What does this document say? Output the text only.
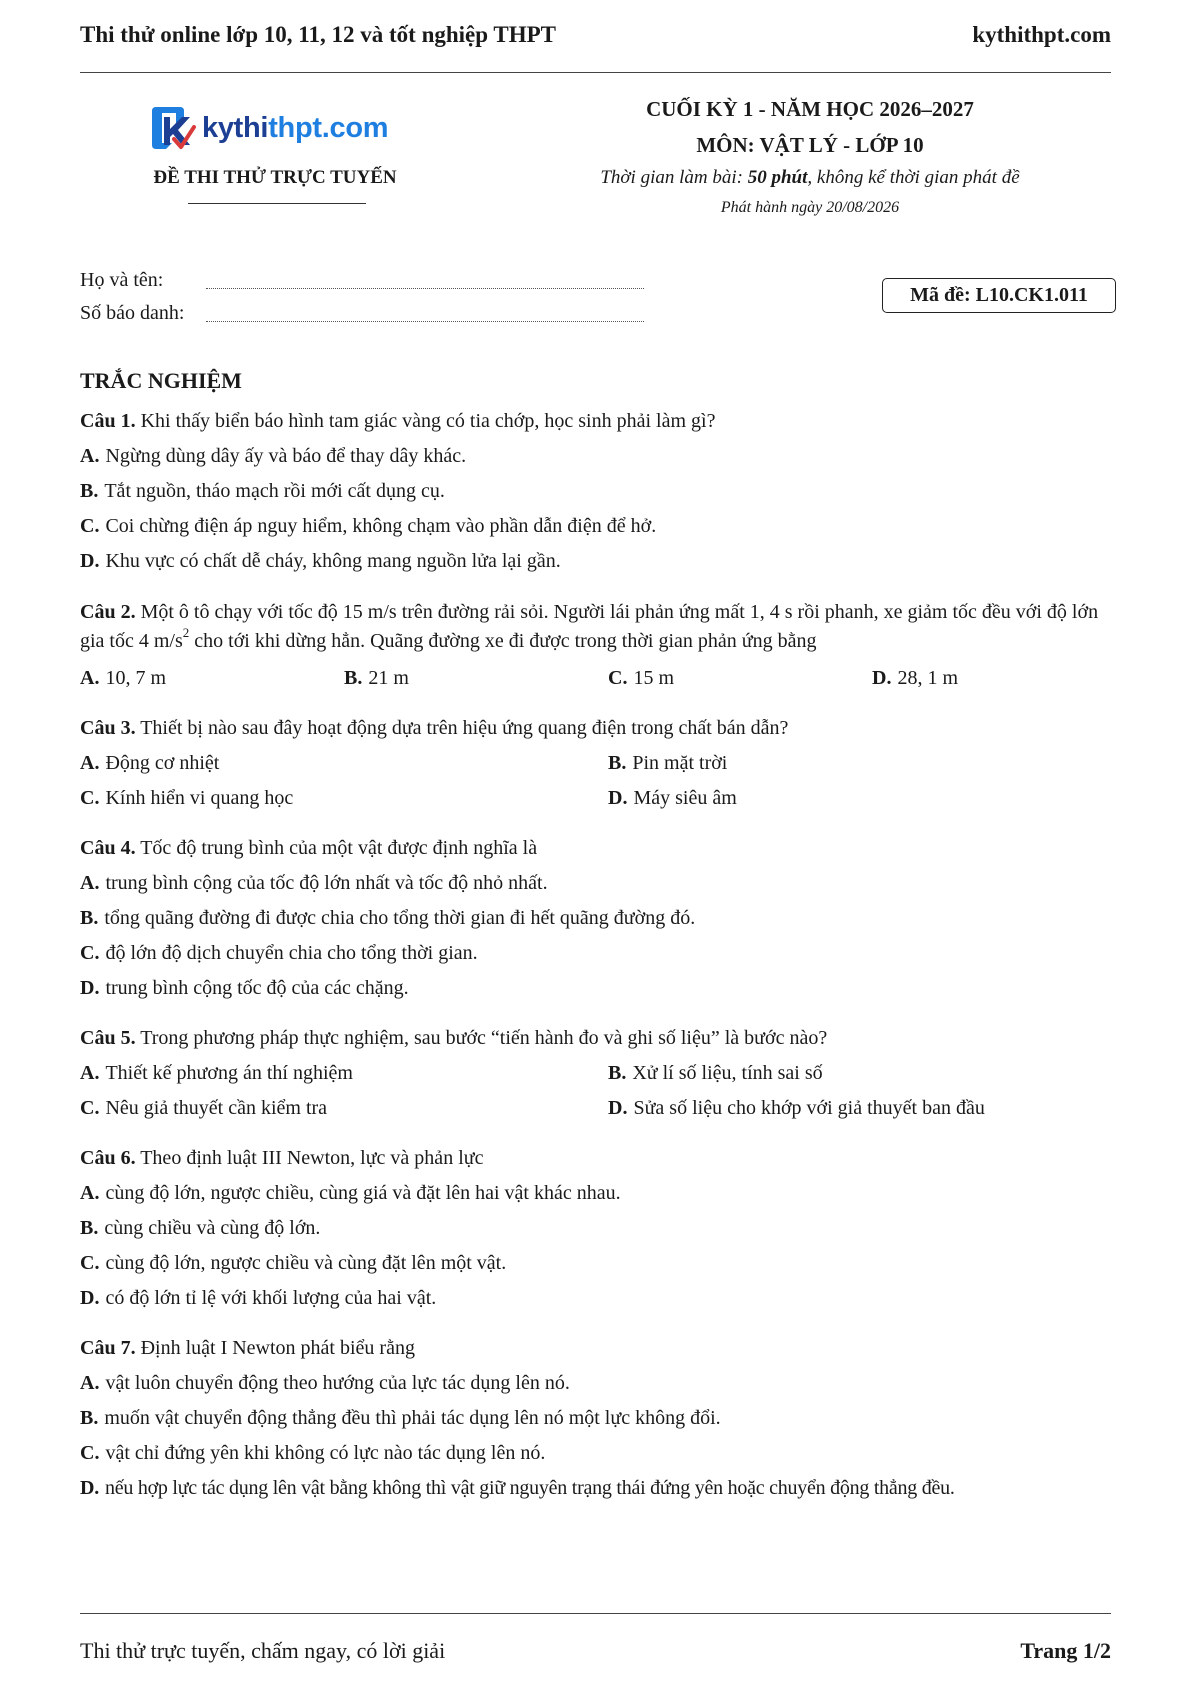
Thi thử online lớp 10, 11, 12 và tốt nghiệp THPT	kythithpt.com
kythithpt.com
ĐỀ THI THỬ TRỰC TUYẾN
CUỐI KỲ 1 - NĂM HỌC 2026–2027
MÔN: VẬT LÝ - LỚP 10
Thời gian làm bài: 50 phút, không kể thời gian phát đề
Phát hành ngày 20/08/2026
Họ và tên:
Số báo danh:
Mã đề: L10.CK1.011
TRẮC NGHIỆM
Câu 1. Khi thấy biển báo hình tam giác vàng có tia chớp, học sinh phải làm gì?
A. Ngừng dùng dây ấy và báo để thay dây khác.
B. Tắt nguồn, tháo mạch rồi mới cất dụng cụ.
C. Coi chừng điện áp nguy hiểm, không chạm vào phần dẫn điện để hở.
D. Khu vực có chất dễ cháy, không mang nguồn lửa lại gần.
Câu 2. Một ô tô chạy với tốc độ 15 m/s trên đường rải sỏi. Người lái phản ứng mất 1, 4 s rồi phanh, xe giảm tốc đều với độ lớn gia tốc 4 $m/s^2$ cho tới khi dừng hẳn. Quãng đường xe đi được trong thời gian phản ứng bằng
A. 10, 7 m	B. 21 m	C. 15 m	D. 28, 1 m
Câu 3. Thiết bị nào sau đây hoạt động dựa trên hiệu ứng quang điện trong chất bán dẫn?
A. Động cơ nhiệt	B. Pin mặt trời
C. Kính hiển vi quang học	D. Máy siêu âm
Câu 4. Tốc độ trung bình của một vật được định nghĩa là
A. trung bình cộng của tốc độ lớn nhất và tốc độ nhỏ nhất.
B. tổng quãng đường đi được chia cho tổng thời gian đi hết quãng đường đó.
C. độ lớn độ dịch chuyển chia cho tổng thời gian.
D. trung bình cộng tốc độ của các chặng.
Câu 5. Trong phương pháp thực nghiệm, sau bước “tiến hành đo và ghi số liệu” là bước nào?
A. Thiết kế phương án thí nghiệm	B. Xử lí số liệu, tính sai số
C. Nêu giả thuyết cần kiểm tra	D. Sửa số liệu cho khớp với giả thuyết ban đầu
Câu 6. Theo định luật III Newton, lực và phản lực
A. cùng độ lớn, ngược chiều, cùng giá và đặt lên hai vật khác nhau.
B. cùng chiều và cùng độ lớn.
C. cùng độ lớn, ngược chiều và cùng đặt lên một vật.
D. có độ lớn tỉ lệ với khối lượng của hai vật.
Câu 7. Định luật I Newton phát biểu rằng
A. vật luôn chuyển động theo hướng của lực tác dụng lên nó.
B. muốn vật chuyển động thẳng đều thì phải tác dụng lên nó một lực không đổi.
C. vật chỉ đứng yên khi không có lực nào tác dụng lên nó.
D. nếu hợp lực tác dụng lên vật bằng không thì vật giữ nguyên trạng thái đứng yên hoặc chuyển động thẳng đều.
Thi thử trực tuyến, chấm ngay, có lời giải	Trang 1/2
